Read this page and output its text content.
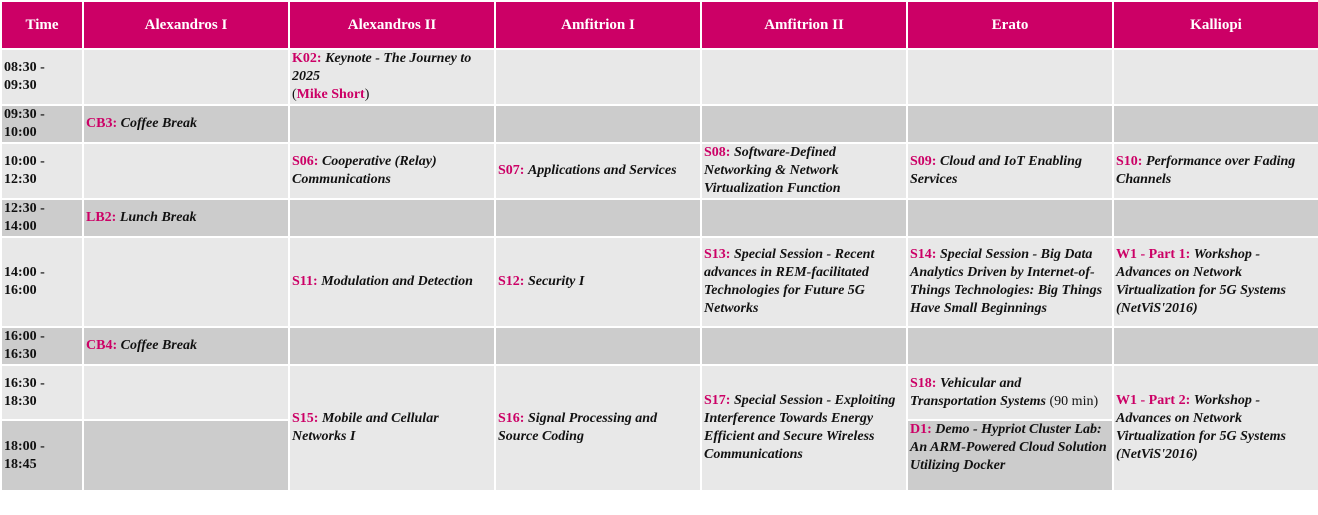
Time	Alexandros I	Alexandros II	Amfitrion I	Amfitrion II	Erato	Kalliopi
08:30 - 09:30		K02: Keynote - The Journey to 2025
(Mike Short)				
09:30 - 10:00	CB3: Coffee Break					
10:00 - 12:30		S06: Cooperative (Relay) Communications	S07: Applications and Services	S08: Software-Defined Networking & Network Virtualization Function	S09: Cloud and IoT Enabling Services	S10: Performance over Fading Channels
12:30 - 14:00	LB2: Lunch Break					
14:00 - 16:00		S11: Modulation and Detection	S12: Security I	S13: Special Session - Recent advances in REM-facilitated Technologies for Future 5G Networks	S14: Special Session - Big Data Analytics Driven by Internet-of-Things Technologies: Big Things Have Small Beginnings	W1 - Part 1: Workshop - Advances on Network Virtualization for 5G Systems (NetViS'2016)
16:00 - 16:30	CB4: Coffee Break					
16:30 - 18:30		S15: Mobile and Cellular Networks I	S16: Signal Processing and Source Coding	S17: Special Session - Exploiting Interference Towards Energy Efficient and Secure Wireless Communications	S18: Vehicular and Transportation Systems (90 min)	W1 - Part 2: Workshop - Advances on Network Virtualization for 5G Systems (NetViS'2016)
18:00 - 18:45					D1: Demo - Hypriot Cluster Lab: An ARM-Powered Cloud Solution Utilizing Docker	
